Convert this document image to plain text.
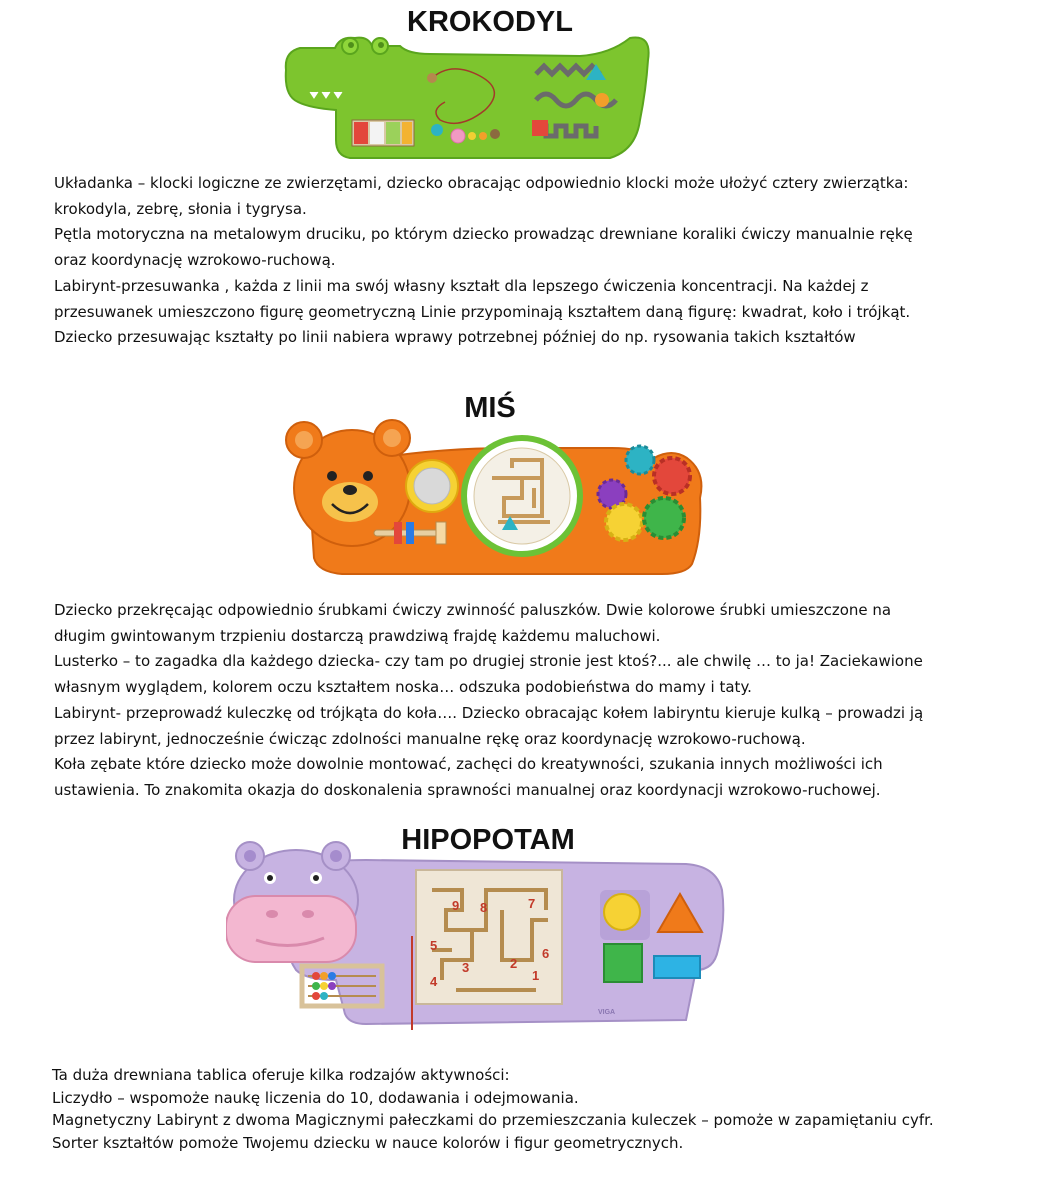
KROKODYL

Układanka – klocki logiczne ze zwierzętami, dziecko obracając odpowiednio klocki może ułożyć cztery zwierzątka:

krokodyla, zebrę, słonia i tygrysa.

Pętla motoryczna na metalowym druciku, po którym dziecko prowadząc drewniane koraliki ćwiczy manualnie rękę

oraz koordynację wzrokowo-ruchową.

Labirynt-przesuwanka , każda z linii ma swój własny kształt dla lepszego ćwiczenia koncentracji. Na każdej z

przesuwanek umieszczono figurę geometryczną Linie przypominają kształtem daną figurę: kwadrat, koło i trójkąt.

Dziecko przesuwając kształty po linii nabiera wprawy potrzebnej później do np. rysowania takich kształtów

MIŚ

Dziecko przekręcając odpowiednio śrubkami ćwiczy zwinność paluszków. Dwie kolorowe śrubki umieszczone na

długim gwintowanym trzpieniu dostarczą prawdziwą frajdę każdemu maluchowi.

Lusterko – to zagadka dla każdego dziecka- czy tam po drugiej stronie jest ktoś?... ale chwilę … to ja! Zaciekawione

własnym wyglądem, kolorem oczu kształtem noska… odszuka podobieństwa do mamy i taty.

Labirynt- przeprowadź kuleczkę od trójkąta do koła…. Dziecko obracając kołem labiryntu kieruje kulką – prowadzi ją

przez labirynt, jednocześnie ćwicząc zdolności manualne rękę oraz koordynację wzrokowo-ruchową.

Koła zębate które dziecko może dowolnie montować, zachęci do kreatywności, szukania innych możliwości ich

ustawienia. To znakomita okazja do doskonalenia sprawności manualnej oraz koordynacji wzrokowo-ruchowej.

HIPOPOTAM
9 8	7
5
6
2
3
1
4
VIGA

Ta duża drewniana tablica oferuje kilka rodzajów aktywności:

Liczydło – wspomoże naukę liczenia do 10, dodawania i odejmowania.

Magnetyczny Labirynt z dwoma Magicznymi pałeczkami do przemieszczania kuleczek – pomoże w zapamiętaniu cyfr.

Sorter kształtów pomoże Twojemu dziecku w nauce kolorów i figur geometrycznych.
